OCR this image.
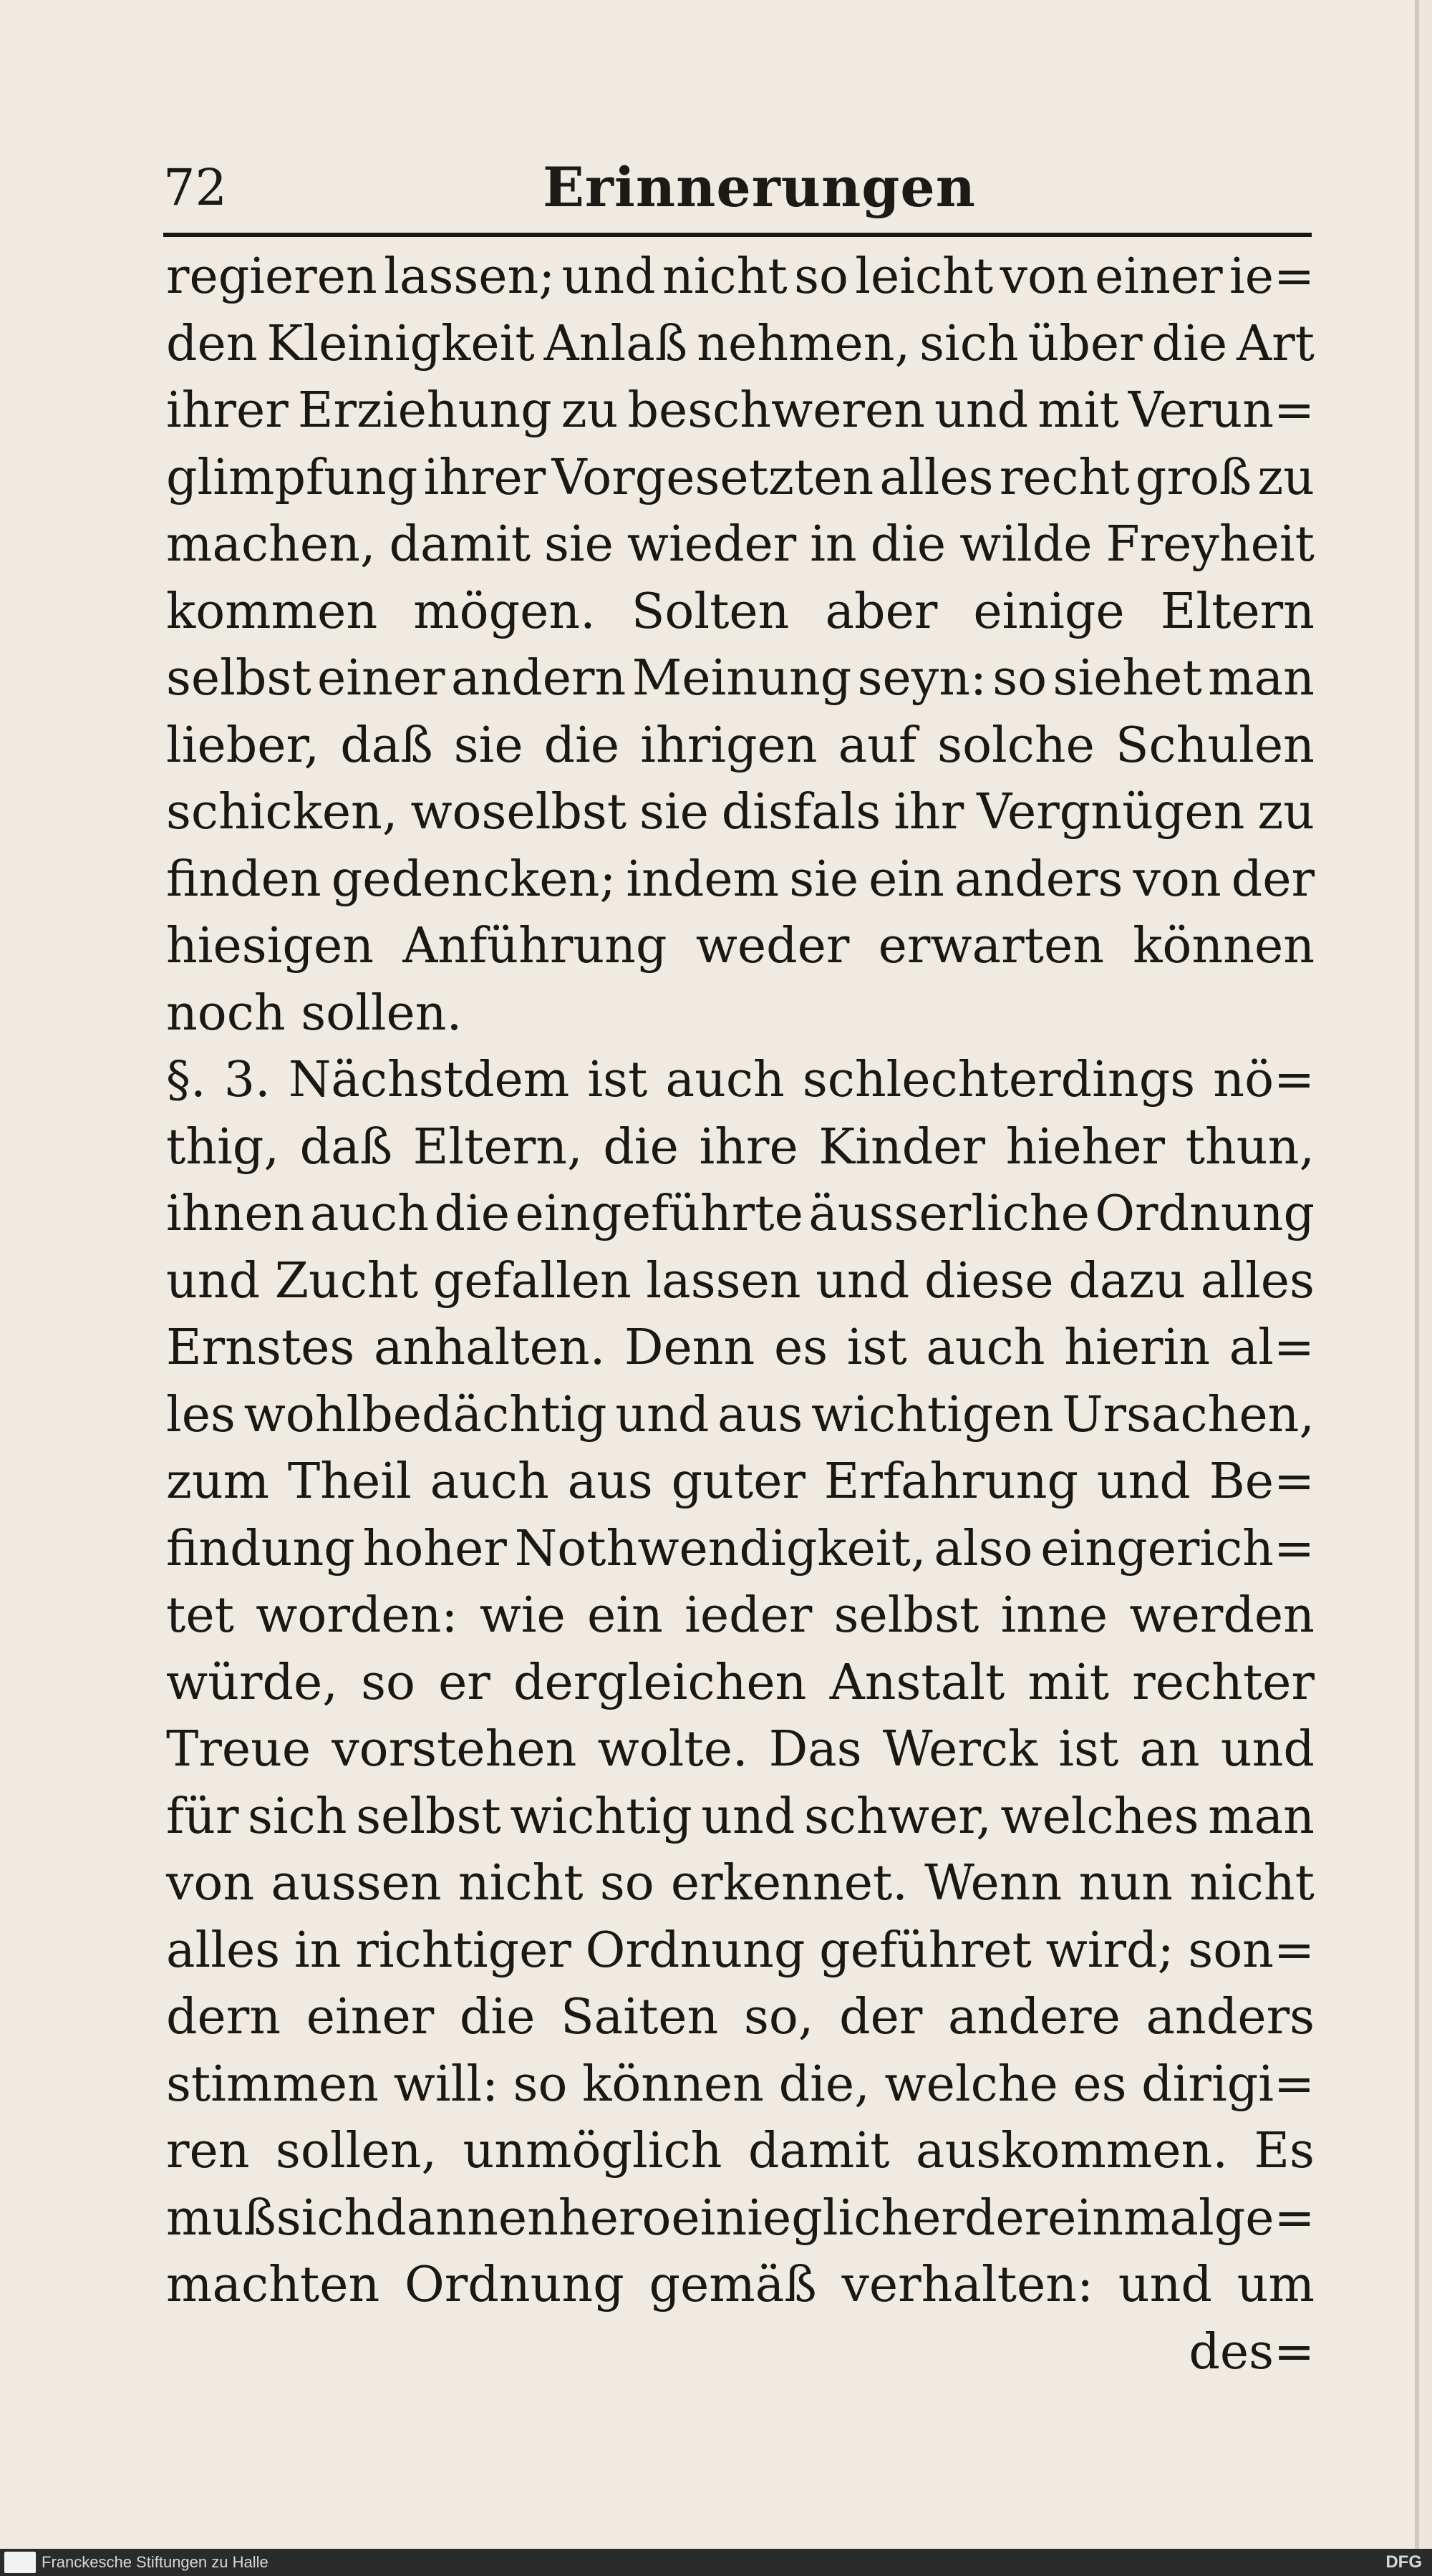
72	Erinnerungen
regieren lassen; und nicht so leicht von einer ie=
den Kleinigkeit Anlaß nehmen, sich über die Art
ihrer Erziehung zu beschweren und mit Verun=
glimpfung ihrer Vorgesetzten alles recht groß zu
machen, damit sie wieder in die wilde Freyheit
kommen mögen. Solten aber einige Eltern
selbst einer andern Meinung seyn: so siehet man
lieber, daß sie die ihrigen auf solche Schulen
schicken, woselbst sie disfals ihr Vergnügen zu
finden gedencken; indem sie ein anders von der
hiesigen Anführung weder erwarten können
noch sollen.
§. 3. Nächstdem ist auch schlechterdings nö=
thig, daß Eltern, die ihre Kinder hieher thun,
ihnen auch die eingeführte äusserliche Ordnung
und Zucht gefallen lassen und diese dazu alles
Ernstes anhalten. Denn es ist auch hierin al=
les wohlbedächtig und aus wichtigen Ursachen,
zum Theil auch aus guter Erfahrung und Be=
findung hoher Nothwendigkeit, also eingerich=
tet worden: wie ein ieder selbst inne werden
würde, so er dergleichen Anstalt mit rechter
Treue vorstehen wolte. Das Werck ist an und
für sich selbst wichtig und schwer, welches man
von aussen nicht so erkennet. Wenn nun nicht
alles in richtiger Ordnung geführet wird; son=
dern einer die Saiten so, der andere anders
stimmen will: so können die, welche es dirigi=
ren sollen, unmöglich damit auskommen. Es
muß sich dannenhero ein ieglicher der einmal ge=
machten Ordnung gemäß verhalten: und um
des=
Franckesche Stiftungen zu Halle	DFG
